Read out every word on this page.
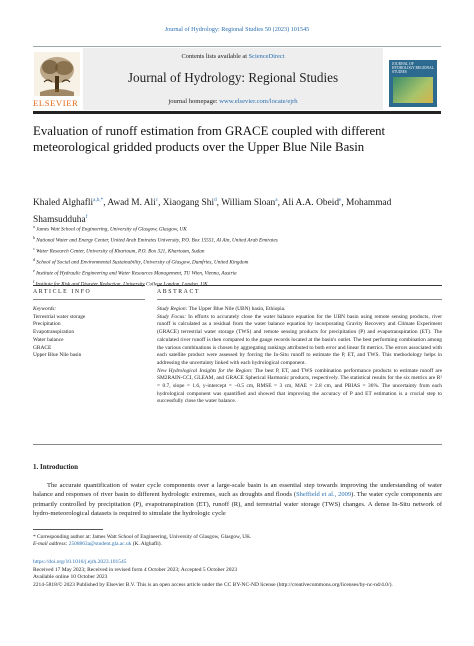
Journal of Hydrology: Regional Studies 50 (2023) 101545
Contents lists available at ScienceDirect
Journal of Hydrology: Regional Studies
journal homepage: www.elsevier.com/locate/ejrh
ELSEVIER
JOURNAL OF HYDROLOGY REGIONAL STUDIES
Evaluation of runoff estimation from GRACE coupled with different meteorological gridded products over the Upper Blue Nile Basin
Khaled Alghafli$^{a,b,*}$, Awad M. Ali$^c$, Xiaogang Shi$^d$, William Sloan$^a$, Ali A.A. Obeid$^e$, Mohammad Shamsudduha$^f$
$^a$ James Watt School of Engineering, University of Glasgow, Glasgow, UK
$^b$ National Water and Energy Center, United Arab Emirates University, P.O. Box 15551, Al Ain, United Arab Emirates
$^c$ Water Research Center, University of Khartoum, P.O. Box 321, Khartoum, Sudan
$^d$ School of Social and Environmental Sustainability, University of Glasgow, Dumfries, United Kingdom
$^e$ Institute of Hydraulic Engineering and Water Resources Management, TU Wien, Vienna, Austria
$^f$ College
ARTICLE INFO	ABSTRACT
Keywords:
Terrestrial water storage
Precipitation
Evapotranspiration
Water balance
GRACE
Upper Blue Nile basin
Study Region: The Upper Blue Nile (UBN) basin, Ethiopia.
Study Focus: In efforts to accurately close the water balance equation for the UBN basin using remote sensing products, river runoff is calculated as a residual from the water balance equation by incorporating Gravity Recovery and Climate Experiment (GRACE) terrestrial water storage (TWS) and remote sensing products for precipitation (P) and evapotranspiration (ET). The calculated river runoff is then compared to the gauge records located at the basin's outlet. The best performing combination among the various combinations is chosen by aggregating rankings attributed to both error and linear fit metrics. The errors associated with each satellite product were assessed by forcing the In-Situ runoff to estimate the P, ET, and TWS. This methodology helps in addressing the uncertainty linked with each hydrological component.
New Hydrological Insights for the Region: The best P, ET, and TWS combination performance products to estimate runoff are SM2RAIN-CCI, GLEAM, and GRACE Spherical Harmonic products, respectively. The statistical results for the six metrics are R² = 0.7, slope = 1.6, y-intercept = −0.5 cm, RMSE = 3 cm, MAE = 2.8 cm, and PBIAS = 36%. The uncertainty from each hydrological component was quantified and showed that improving the accuracy of P and ET estimation is a crucial step to successfully close the water balance.
1. Introduction
The accurate quantification of water cycle components over a large-scale basin is an essential step towards improving the understanding of water balance and responses of river basin to different hydrologic extremes, such as droughts and floods (Sheffield et al., 2009). The water cycle components are primarily controlled by precipitation (P), evapotranspiration (ET), runoff (R), and terrestrial water storage (TWS) changes. A dense In-Situ network of hydro-meteorological datasets is required to simulate the hydrologic cycle
* Corresponding author at: James Watt School of Engineering, University of Glasgow, Glasgow, UK.
E-mail address: 2508863a@student.gla.ac.uk (K. Alghafli).
https://doi.org/10.1016/j.ejrh.2023.101545
Received 17 May 2023; Received in revised form 4 October 2023; Accepted 5 October 2023
Available online 10 October 2023
2214-5818/© 2023 Published by Elsevier B.V. This is an open access article under the CC BY-NC-ND license (http://creativecommons.org/licenses/by-nc-nd/4.0/).
